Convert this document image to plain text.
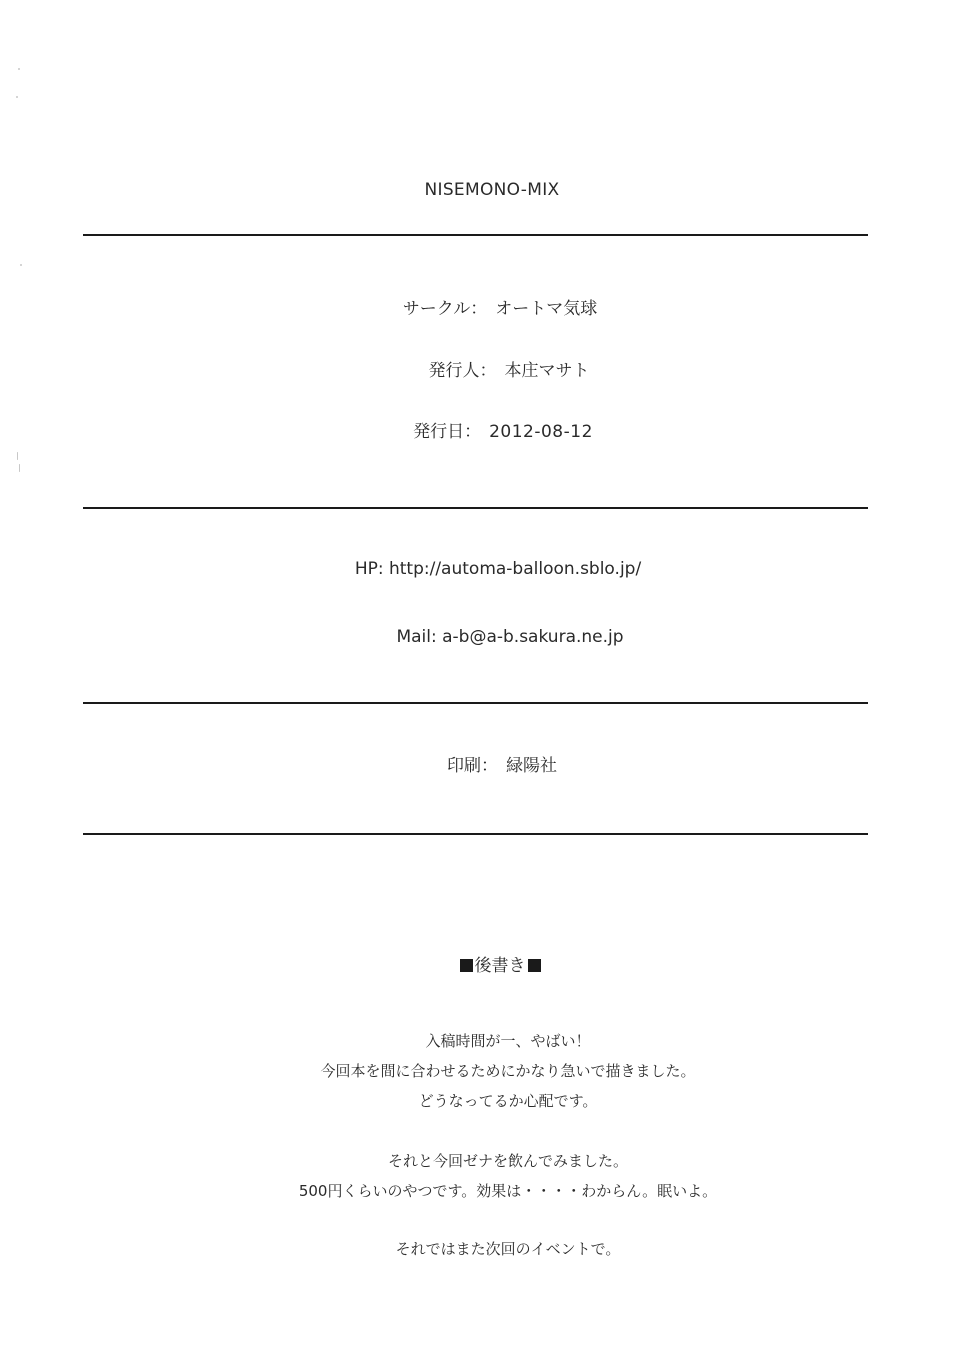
NISEMONO-MIX
サークル： オートマ気球
発行人： 本庄マサト
発行日： 2012-08-12
HP: http://automa-balloon.sblo.jp/
Mail: a-b@a-b.sakura.ne.jp
印刷： 緑陽社
後書き
入稿時間が一、やばい！
今回本を間に合わせるためにかなり急いで描きました。
どうなってるか心配です。
それと今回ゼナを飲んでみました。
500円くらいのやつです。効果は・・・・わからん。眠いよ。
それではまた次回のイベントで。
